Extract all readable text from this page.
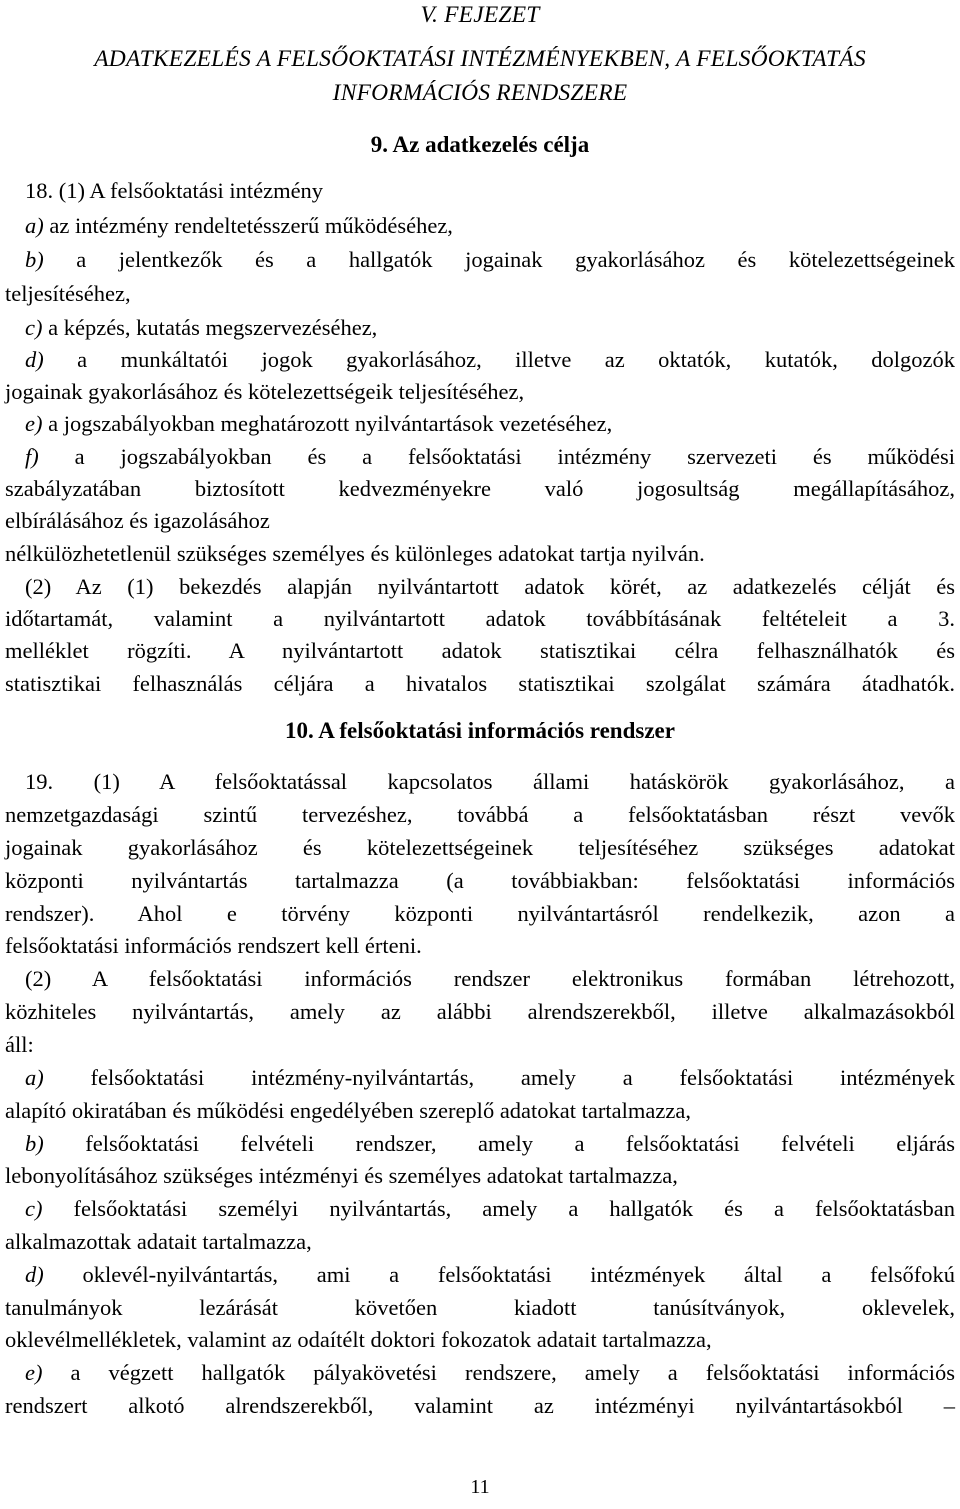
V. FEJEZET
ADATKEZELÉS A FELSŐOKTATÁSI INTÉZMÉNYEKBEN, A FELSŐOKTATÁS
INFORMÁCIÓS RENDSZERE
9. Az adatkezelés célja
18. (1) A felsőoktatási intézmény
a) az intézmény rendeltetésszerű működéséhez,
b) a jelentkezők és a hallgatók jogainak gyakorlásához és kötelezettségeinek
teljesítéséhez,
c) a képzés, kutatás megszervezéséhez,
d) a munkáltatói jogok gyakorlásához, illetve az oktatók, kutatók, dolgozók
jogainak gyakorlásához és kötelezettségeik teljesítéséhez,
e) a jogszabályokban meghatározott nyilvántartások vezetéséhez,
f) a jogszabályokban és a felsőoktatási intézmény szervezeti és működési
szabályzatában biztosított kedvezményekre való jogosultság megállapításához,
elbírálásához és igazolásához
nélkülözhetetlenül szükséges személyes és különleges adatokat tartja nyilván.
(2) Az (1) bekezdés alapján nyilvántartott adatok körét, az adatkezelés célját és
időtartamát, valamint a nyilvántartott adatok továbbításának feltételeit a 3.
melléklet rögzíti. A nyilvántartott adatok statisztikai célra felhasználhatók és
statisztikai felhasználás céljára a hivatalos statisztikai szolgálat számára átadhatók.
10. A felsőoktatási információs rendszer
19. (1) A felsőoktatással kapcsolatos állami hatáskörök gyakorlásához, a
nemzetgazdasági szintű tervezéshez, továbbá a felsőoktatásban részt vevők
jogainak gyakorlásához és kötelezettségeinek teljesítéséhez szükséges adatokat
központi nyilvántartás tartalmazza (a továbbiakban: felsőoktatási információs
rendszer). Ahol e törvény központi nyilvántartásról rendelkezik, azon a
felsőoktatási információs rendszert kell érteni.
(2) A felsőoktatási információs rendszer elektronikus formában létrehozott,
közhiteles nyilvántartás, amely az alábbi alrendszerekből, illetve alkalmazásokból
áll:
a) felsőoktatási intézmény-nyilvántartás, amely a felsőoktatási intézmények
alapító okiratában és működési engedélyében szereplő adatokat tartalmazza,
b) felsőoktatási felvételi rendszer, amely a felsőoktatási felvételi eljárás
lebonyolításához szükséges intézményi és személyes adatokat tartalmazza,
c) felsőoktatási személyi nyilvántartás, amely a hallgatók és a felsőoktatásban
alkalmazottak adatait tartalmazza,
d) oklevél-nyilvántartás, ami a felsőoktatási intézmények által a felsőfokú
tanulmányok lezárását követően kiadott tanúsítványok, oklevelek,
oklevélmellékletek, valamint az odaítélt doktori fokozatok adatait tartalmazza,
e) a végzett hallgatók pályakövetési rendszere, amely a felsőoktatási információs
rendszert alkotó alrendszerekből, valamint az intézményi nyilvántartásokból –
11
